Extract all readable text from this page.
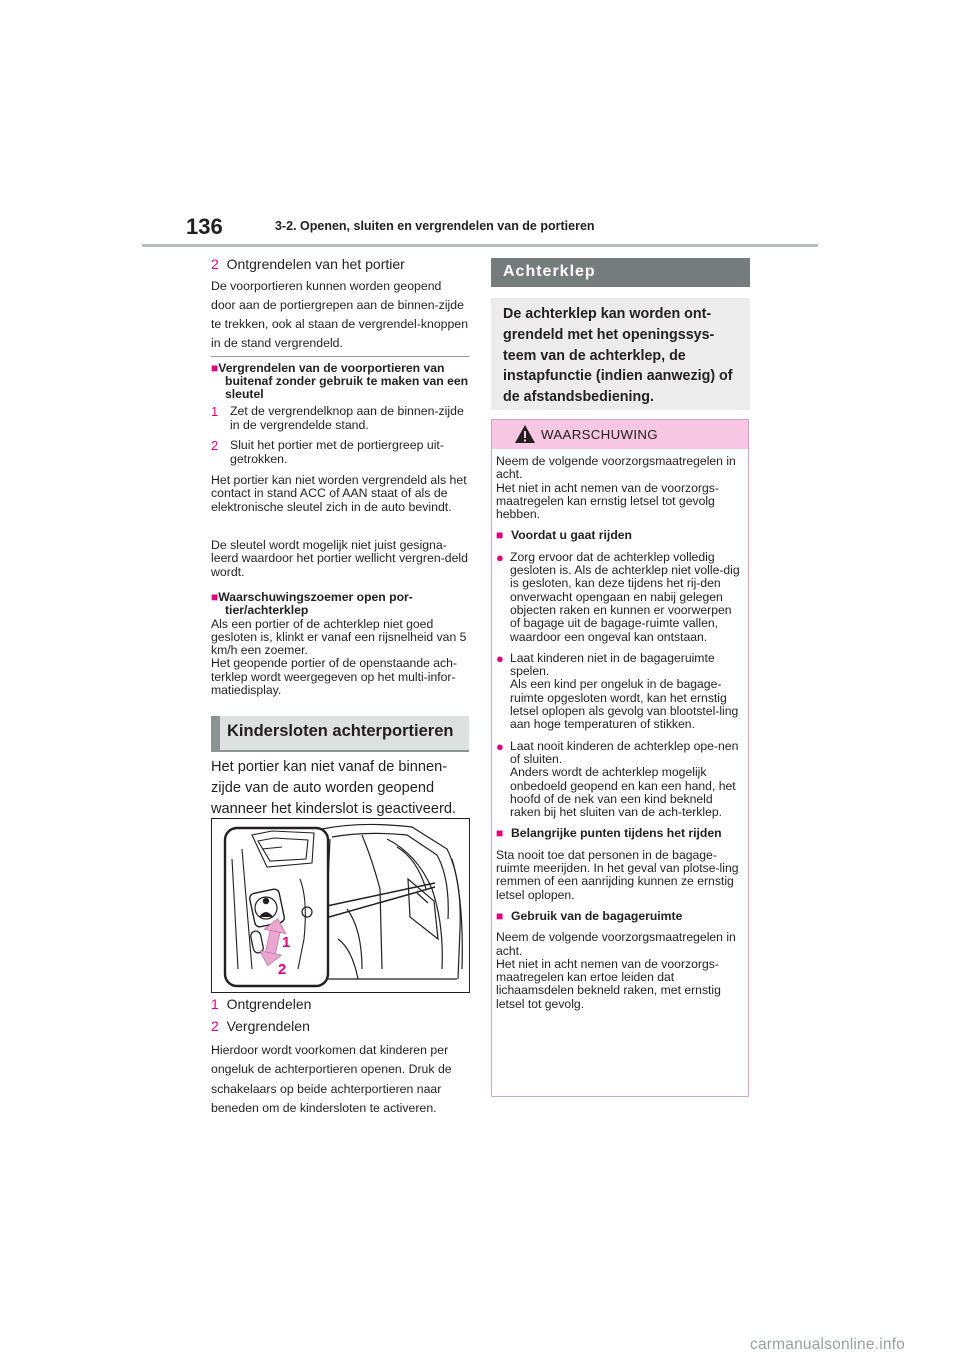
136	3-2. Openen, sluiten en vergrendelen van de portieren
2 Ontgrendelen van het portier
De voorportieren kunnen worden geopend door aan de portiergrepen aan de binnen-zijde te trekken, ook al staan de vergrendel-knoppen in de stand vergrendeld.
■Vergrendelen van de voorportieren van buitenaf zonder gebruik te maken van een sleutel
1 Zet de vergrendelknop aan de binnen-zijde in de vergrendelde stand.
2 Sluit het portier met de portiergreep uit-getrokken.
Het portier kan niet worden vergrendeld als het contact in stand ACC of AAN staat of als de elektronische sleutel zich in de auto bevindt.
De sleutel wordt mogelijk niet juist gesigna-leerd waardoor het portier wellicht vergren-deld wordt.
■Waarschuwingszoemer open por-tier/achterklep
Als een portier of de achterklep niet goed gesloten is, klinkt er vanaf een rijsnelheid van 5 km/h een zoemer.
Het geopende portier of de openstaande ach-terklep wordt weergegeven op het multi-infor-matiedisplay.
Kindersloten achterportieren
Het portier kan niet vanaf de binnen-zijde van de auto worden geopend wanneer het kinderslot is geactiveerd.
1
2
1 Ontgrendelen
2 Vergrendelen
Hierdoor wordt voorkomen dat kinderen per ongeluk de achterportieren openen. Druk de schakelaars op beide achterportieren naar beneden om de kindersloten te activeren.
Achterklep
De achterklep kan worden ont-grendeld met het openingssys-teem van de achterklep, de instapfunctie (indien aanwezig) of de afstandsbediening.
WAARSCHUWING
Neem de volgende voorzorgsmaatregelen in acht.
Het niet in acht nemen van de voorzorgs-maatregelen kan ernstig letsel tot gevolg hebben.
■ Voordat u gaat rijden
● Zorg ervoor dat de achterklep volledig gesloten is. Als de achterklep niet volle-dig is gesloten, kan deze tijdens het rij-den onverwacht opengaan en nabij gelegen objecten raken en kunnen er voorwerpen of bagage uit de bagage-ruimte vallen, waardoor een ongeval kan ontstaan.
● Laat kinderen niet in de bagageruimte spelen.
Als een kind per ongeluk in de bagage-ruimte opgesloten wordt, kan het ernstig letsel oplopen als gevolg van blootstel-ling aan hoge temperaturen of stikken.
● Laat nooit kinderen de achterklep ope-nen of sluiten.
Anders wordt de achterklep mogelijk onbedoeld geopend en kan een hand, het hoofd of de nek van een kind bekneld raken bij het sluiten van de ach-terklep.
■ Belangrijke punten tijdens het rijden
Sta nooit toe dat personen in de bagage-ruimte meerijden. In het geval van plotse-ling remmen of een aanrijding kunnen ze ernstig letsel oplopen.
■ Gebruik van de bagageruimte
Neem de volgende voorzorgsmaatregelen in acht.
Het niet in acht nemen van de voorzorgs-maatregelen kan ertoe leiden dat lichaamsdelen bekneld raken, met ernstig letsel tot gevolg.
carmanualsonline.info
